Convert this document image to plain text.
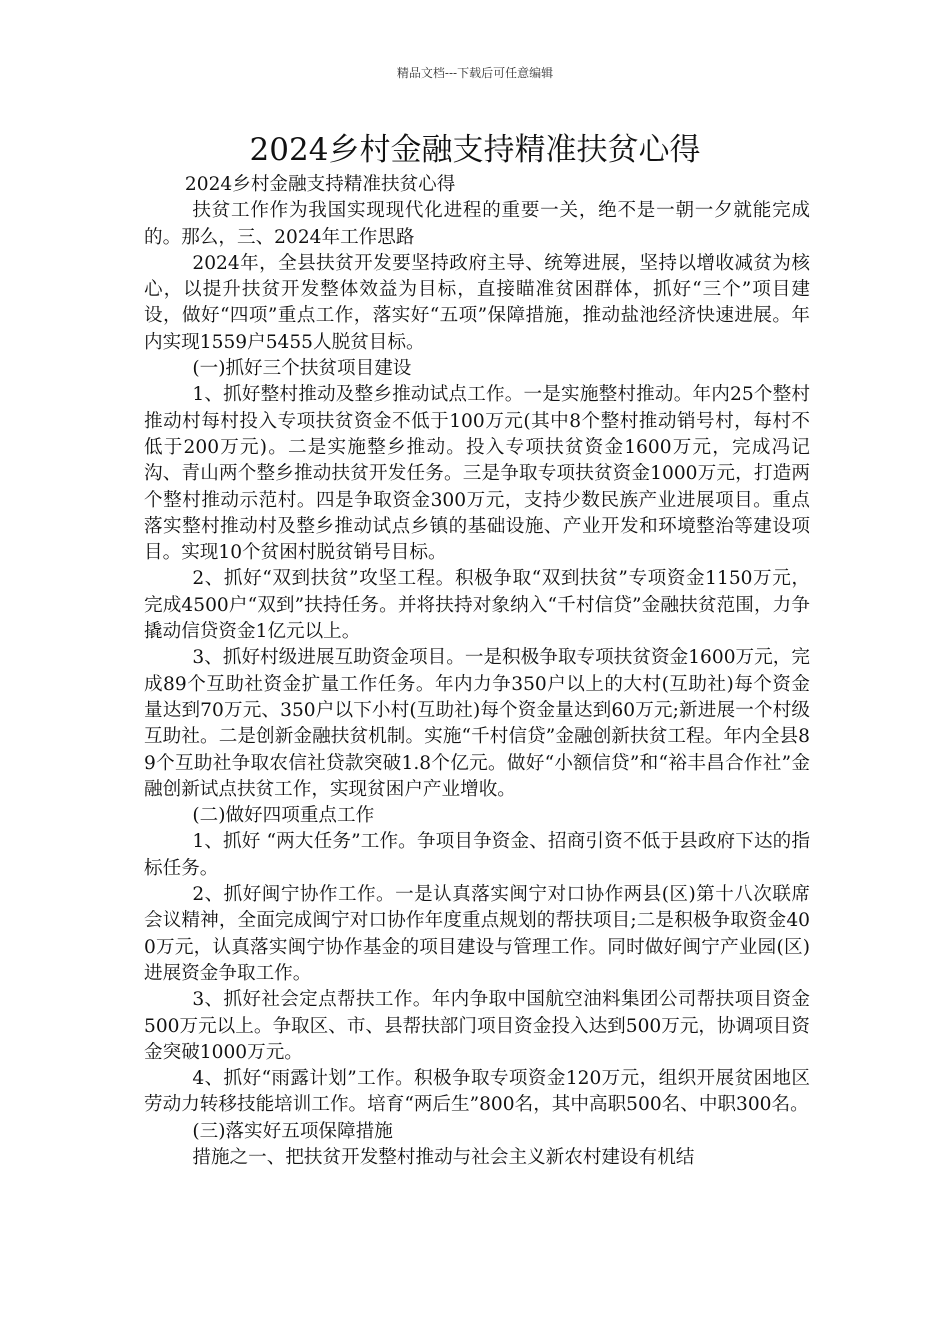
精品文档---下载后可任意编辑
2024乡村金融支持精准扶贫心得

2024乡村金融支持精准扶贫心得

扶贫工作作为我国实现现代化进程的重要一关，绝不是一朝一夕就能完成的。那么，三、2024年工作思路

2024年，全县扶贫开发要坚持政府主导、统筹进展，坚持以增收减贫为核心，以提升扶贫开发整体效益为目标，直接瞄准贫困群体，抓好“三个”项目建设，做好“四项”重点工作，落实好“五项”保障措施，推动盐池经济快速进展。年内实现1559户5455人脱贫目标。

(一)抓好三个扶贫项目建设

1、抓好整村推动及整乡推动试点工作。一是实施整村推动。年内25个整村推动村每村投入专项扶贫资金不低于100万元(其中8个整村推动销号村，每村不低于200万元)。二是实施整乡推动。投入专项扶贫资金1600万元，完成冯记沟、青山两个整乡推动扶贫开发任务。三是争取专项扶贫资金1000万元，打造两个整村推动示范村。四是争取资金300万元，支持少数民族产业进展项目。重点落实整村推动村及整乡推动试点乡镇的基础设施、产业开发和环境整治等建设项目。实现10个贫困村脱贫销号目标。

2、抓好“双到扶贫”攻坚工程。积极争取“双到扶贫”专项资金1150万元，完成4500户“双到”扶持任务。并将扶持对象纳入“千村信贷”金融扶贫范围，力争撬动信贷资金1亿元以上。

3、抓好村级进展互助资金项目。一是积极争取专项扶贫资金1600万元，完成89个互助社资金扩量工作任务。年内力争350户以上的大村(互助社)每个资金量达到70万元、350户以下小村(互助社)每个资金量达到60万元;新进展一个村级互助社。二是创新金融扶贫机制。实施“千村信贷”金融创新扶贫工程。年内全县89个互助社争取农信社贷款突破1.8个亿元。做好“小额信贷”和“裕丰昌合作社”金融创新试点扶贫工作，实现贫困户产业增收。

(二)做好四项重点工作

1、抓好 “两大任务”工作。争项目争资金、招商引资不低于县政府下达的指标任务。

2、抓好闽宁协作工作。一是认真落实闽宁对口协作两县(区)第十八次联席会议精神，全面完成闽宁对口协作年度重点规划的帮扶项目;二是积极争取资金400万元，认真落实闽宁协作基金的项目建设与管理工作。同时做好闽宁产业园(区)进展资金争取工作。

3、抓好社会定点帮扶工作。年内争取中国航空油料集团公司帮扶项目资金500万元以上。争取区、市、县帮扶部门项目资金投入达到500万元，协调项目资金突破1000万元。

4、抓好“雨露计划”工作。积极争取专项资金120万元，组织开展贫困地区劳动力转移技能培训工作。培育“两后生”800名，其中高职500名、中职300名。

(三)落实好五项保障措施

措施之一、把扶贫开发整村推动与社会主义新农村建设有机结
